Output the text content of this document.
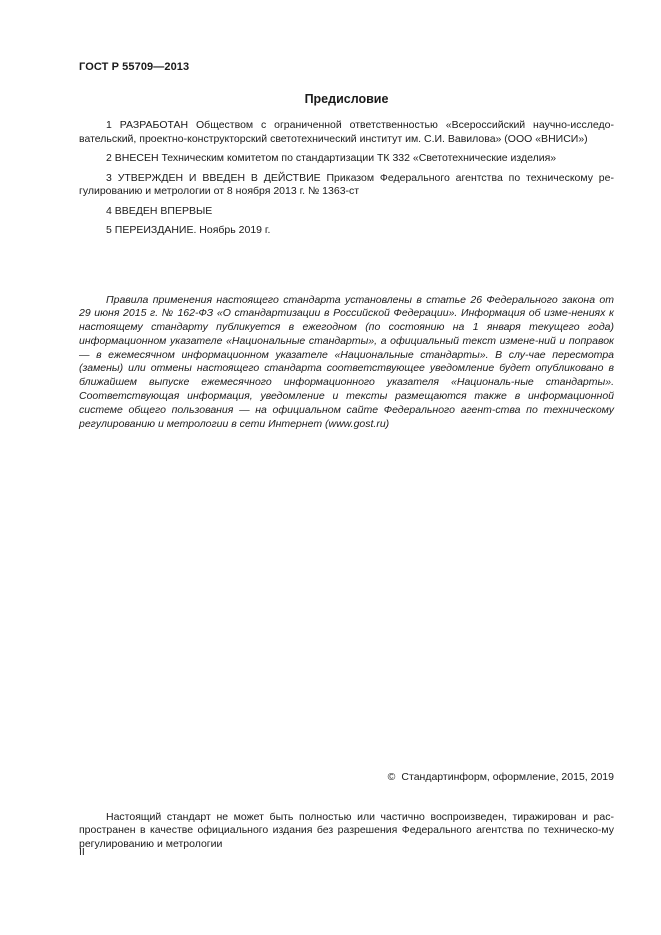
ГОСТ Р 55709—2013
Предисловие

1 РАЗРАБОТАН Обществом с ограниченной ответственностью «Всероссийский научно-исследо-вательский, проектно-конструкторский светотехнический институт им. С.И. Вавилова» (ООО «ВНИСИ»)

2 ВНЕСЕН Техническим комитетом по стандартизации ТК 332 «Светотехнические изделия»

3 УТВЕРЖДЕН И ВВЕДЕН В ДЕЙСТВИЕ Приказом Федерального агентства по техническому ре-гулированию и метрологии от 8 ноября 2013 г. № 1363-ст

4 ВВЕДЕН ВПЕРВЫЕ

5 ПЕРЕИЗДАНИЕ. Ноябрь 2019 г.

Правила применения настоящего стандарта установлены в статье 26 Федерального закона от 29 июня 2015 г. № 162-ФЗ «О стандартизации в Российской Федерации». Информация об изме-нениях к настоящему стандарту публикуется в ежегодном (по состоянию на 1 января текущего года) информационном указателе «Национальные стандарты», а официальный текст измене-ний и поправок — в ежемесячном информационном указателе «Национальные стандарты». В слу-чае пересмотра (замены) или отмены настоящего стандарта соответствующее уведомление будет опубликовано в ближайшем выпуске ежемесячного информационного указателя «Националь-ные стандарты». Соответствующая информация, уведомление и тексты размещаются также в информационной системе общего пользования — на официальном сайте Федерального агент-ства по техническому регулированию и метрологии в сети Интернет (www.gost.ru)

© Стандартинформ, оформление, 2015, 2019

Настоящий стандарт не может быть полностью или частично воспроизведен, тиражирован и рас-пространен в качестве официального издания без разрешения Федерального агентства по техническо-му регулированию и метрологии

II
